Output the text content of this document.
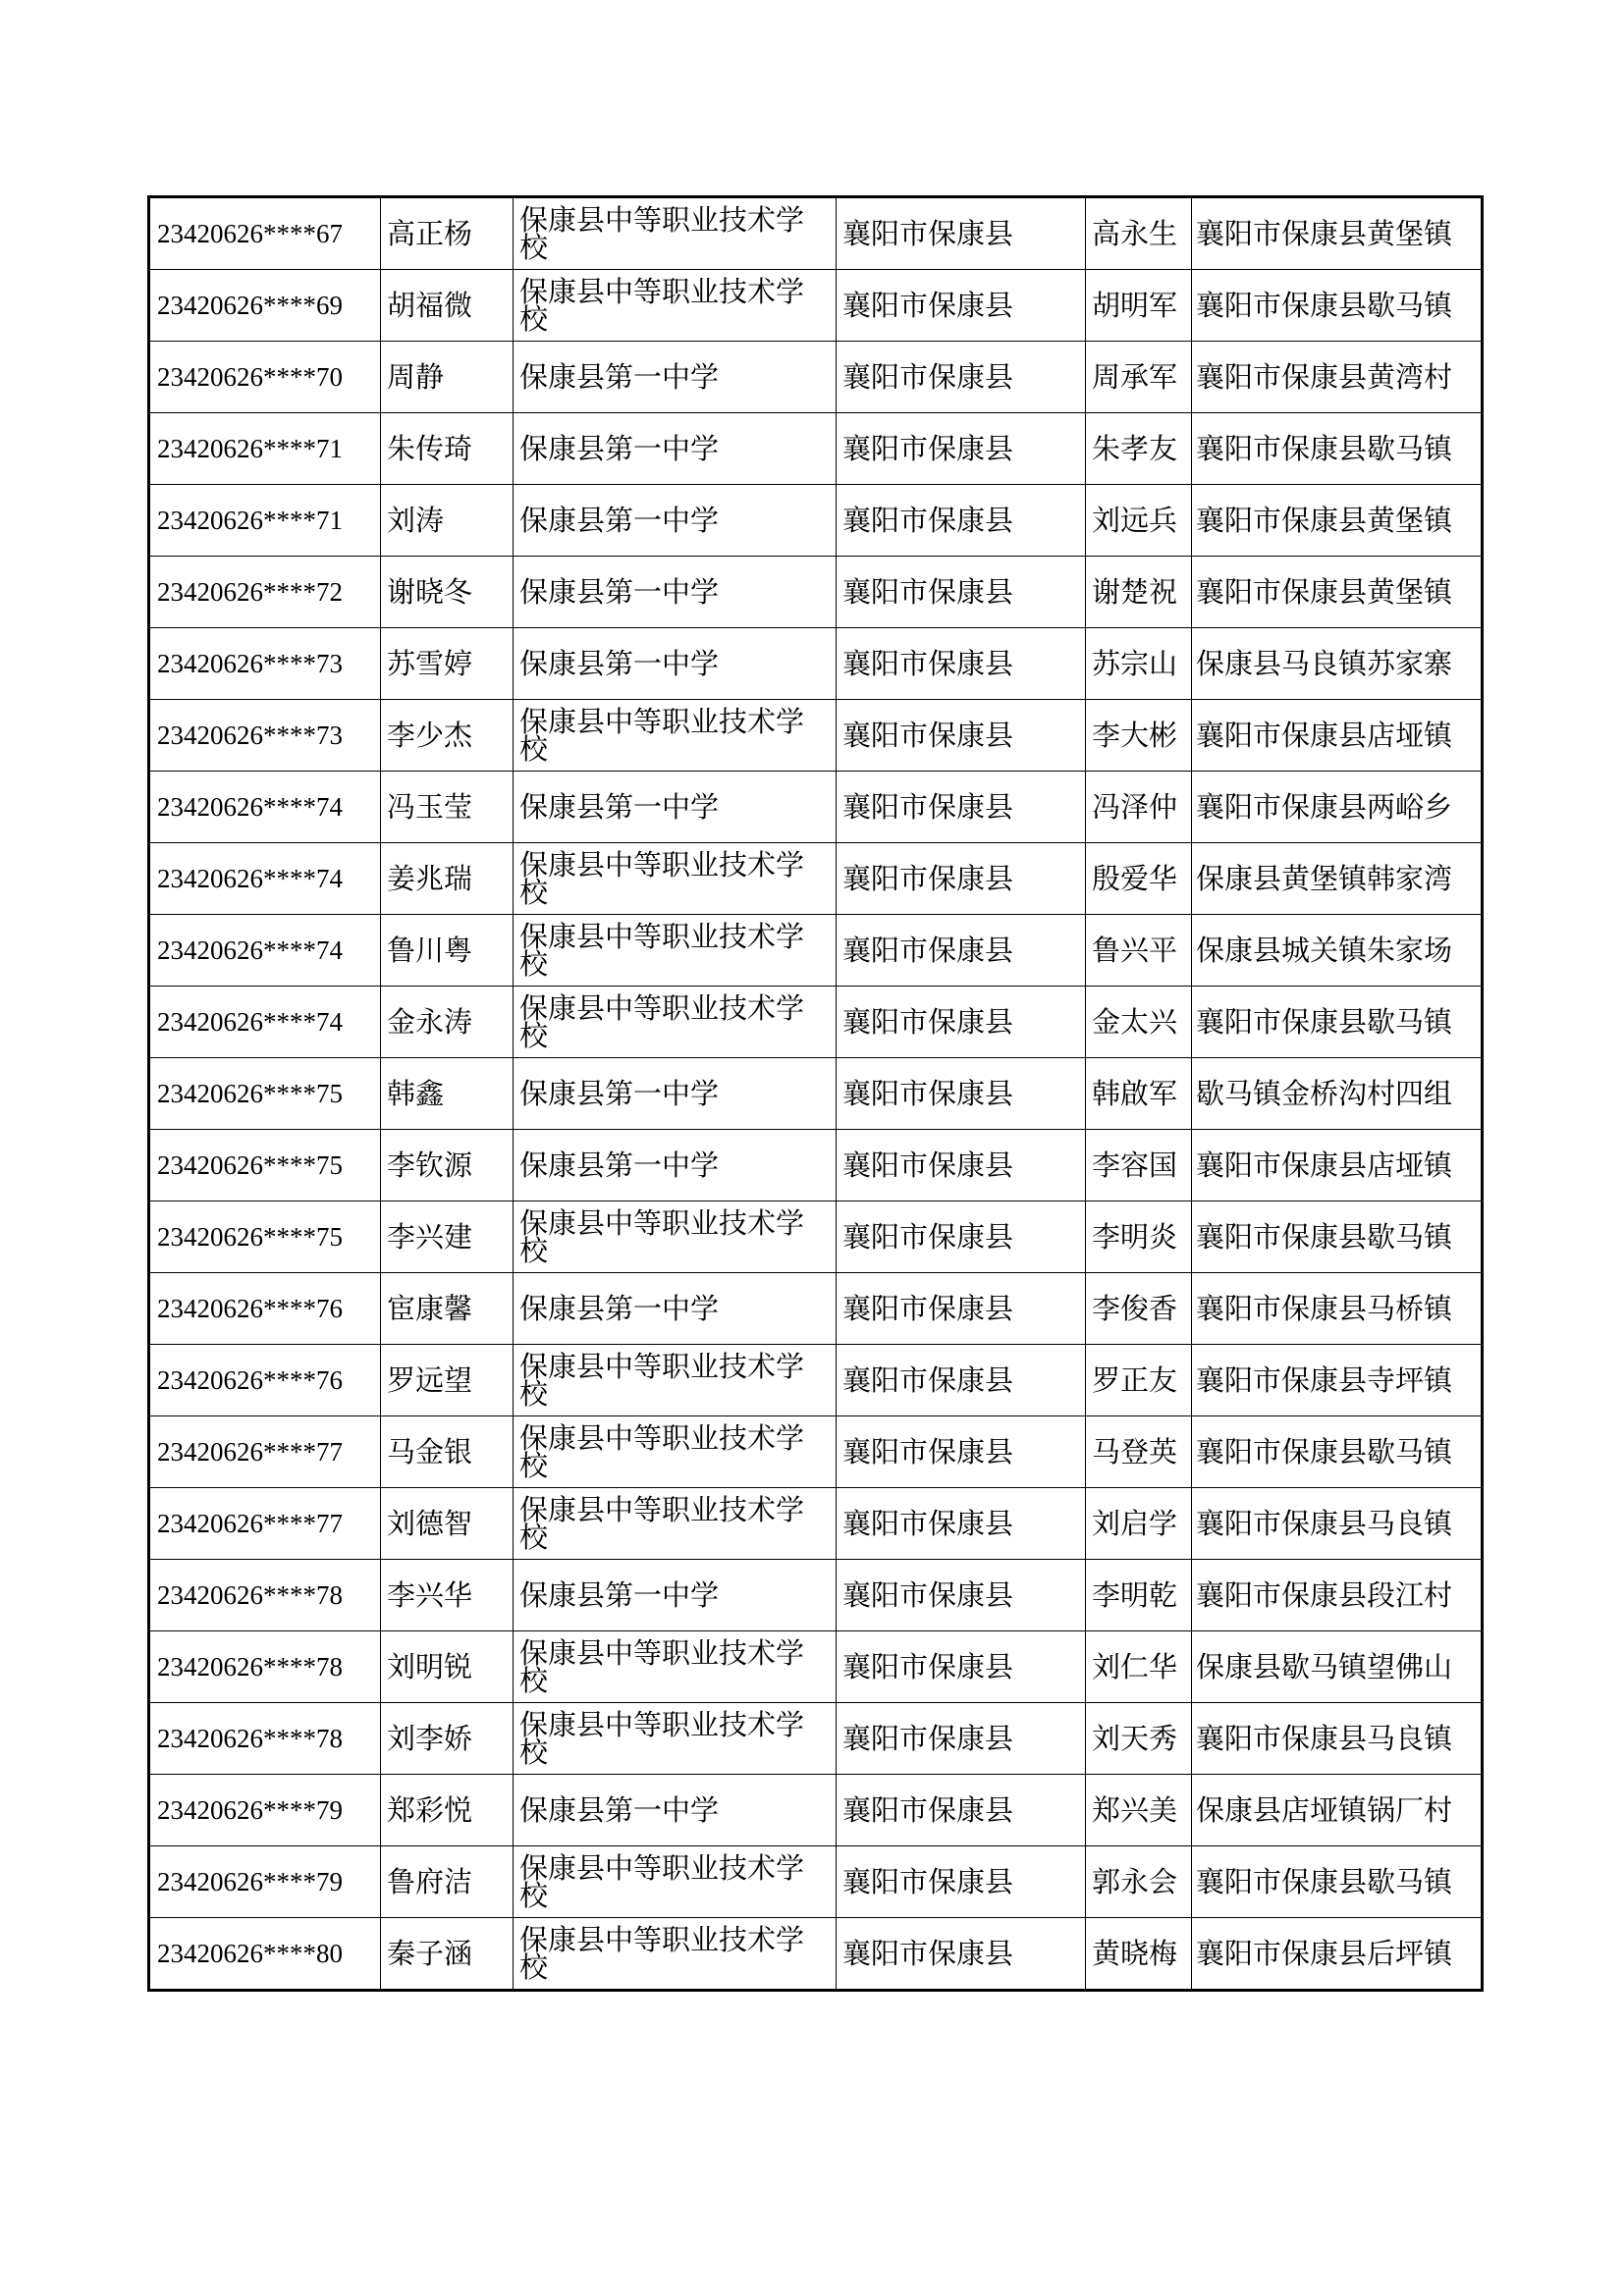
23420626****67	高正杨	保康县中等职业技术学校	襄阳市保康县	高永生	襄阳市保康县黄堡镇
23420626****69	胡福微	保康县中等职业技术学校	襄阳市保康县	胡明军	襄阳市保康县歇马镇
23420626****70	周静	保康县第一中学	襄阳市保康县	周承军	襄阳市保康县黄湾村
23420626****71	朱传琦	保康县第一中学	襄阳市保康县	朱孝友	襄阳市保康县歇马镇
23420626****71	刘涛	保康县第一中学	襄阳市保康县	刘远兵	襄阳市保康县黄堡镇
23420626****72	谢晓冬	保康县第一中学	襄阳市保康县	谢楚祝	襄阳市保康县黄堡镇
23420626****73	苏雪婷	保康县第一中学	襄阳市保康县	苏宗山	保康县马良镇苏家寨
23420626****73	李少杰	保康县中等职业技术学校	襄阳市保康县	李大彬	襄阳市保康县店垭镇
23420626****74	冯玉莹	保康县第一中学	襄阳市保康县	冯泽仲	襄阳市保康县两峪乡
23420626****74	姜兆瑞	保康县中等职业技术学校	襄阳市保康县	殷爱华	保康县黄堡镇韩家湾
23420626****74	鲁川粤	保康县中等职业技术学校	襄阳市保康县	鲁兴平	保康县城关镇朱家场
23420626****74	金永涛	保康县中等职业技术学校	襄阳市保康县	金太兴	襄阳市保康县歇马镇
23420626****75	韩鑫	保康县第一中学	襄阳市保康县	韩啟军	歇马镇金桥沟村四组
23420626****75	李钦源	保康县第一中学	襄阳市保康县	李容国	襄阳市保康县店垭镇
23420626****75	李兴建	保康县中等职业技术学校	襄阳市保康县	李明炎	襄阳市保康县歇马镇
23420626****76	宦康馨	保康县第一中学	襄阳市保康县	李俊香	襄阳市保康县马桥镇
23420626****76	罗远望	保康县中等职业技术学校	襄阳市保康县	罗正友	襄阳市保康县寺坪镇
23420626****77	马金银	保康县中等职业技术学校	襄阳市保康县	马登英	襄阳市保康县歇马镇
23420626****77	刘德智	保康县中等职业技术学校	襄阳市保康县	刘启学	襄阳市保康县马良镇
23420626****78	李兴华	保康县第一中学	襄阳市保康县	李明乾	襄阳市保康县段江村
23420626****78	刘明锐	保康县中等职业技术学校	襄阳市保康县	刘仁华	保康县歇马镇望佛山
23420626****78	刘李娇	保康县中等职业技术学校	襄阳市保康县	刘天秀	襄阳市保康县马良镇
23420626****79	郑彩悦	保康县第一中学	襄阳市保康县	郑兴美	保康县店垭镇锅厂村
23420626****79	鲁府洁	保康县中等职业技术学校	襄阳市保康县	郭永会	襄阳市保康县歇马镇
23420626****80	秦子涵	保康县中等职业技术学校	襄阳市保康县	黄晓梅	襄阳市保康县后坪镇
